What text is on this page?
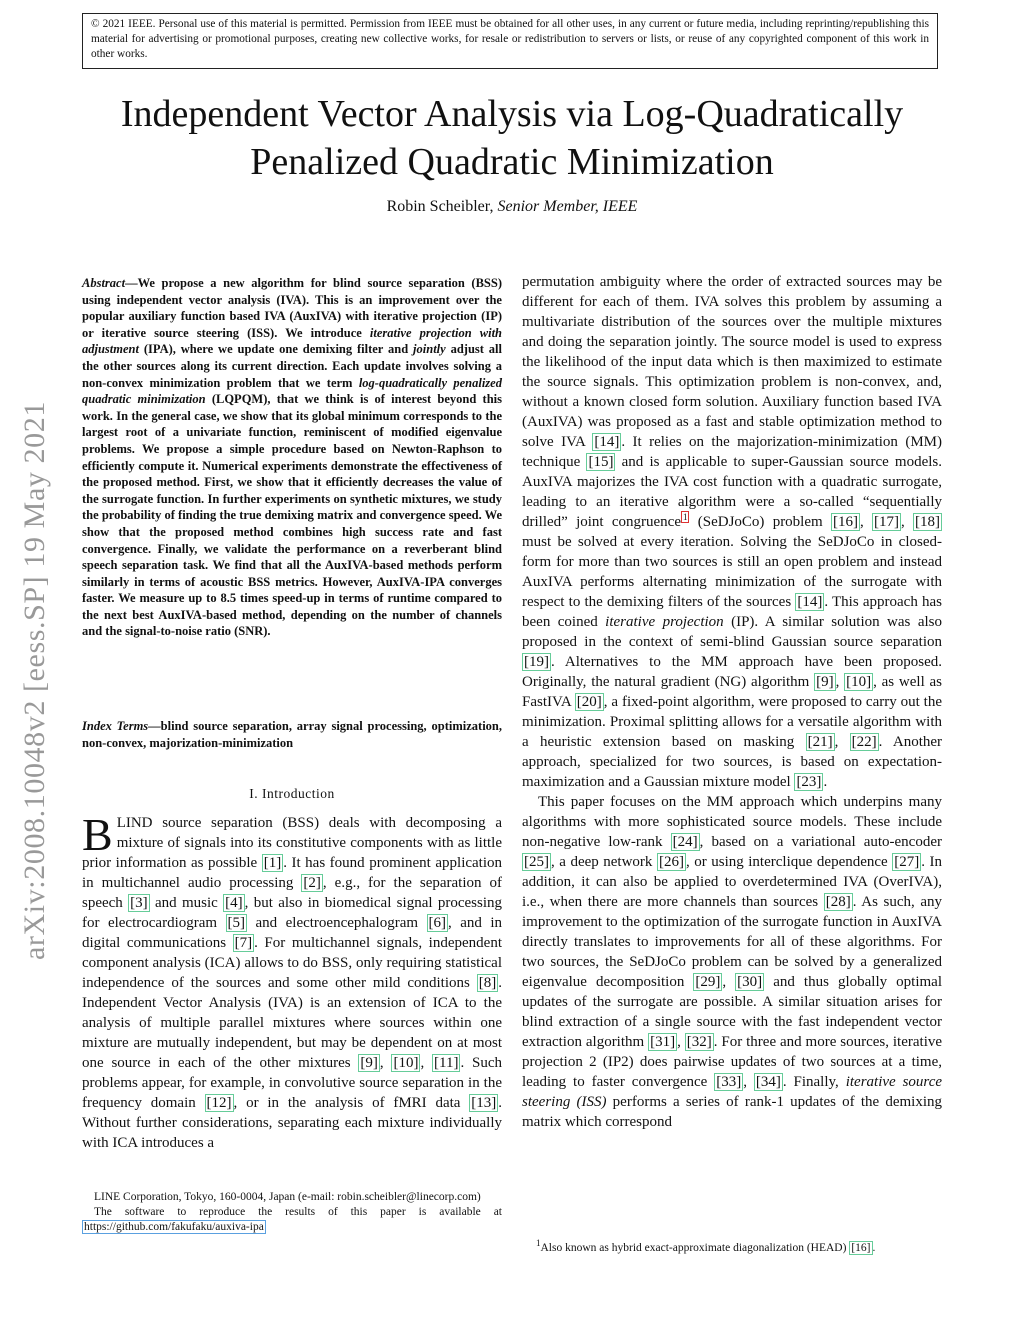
© 2021 IEEE. Personal use of this material is permitted. Permission from IEEE must be obtained for all other uses, in any current or future media, including reprinting/republishing this material for advertising or promotional purposes, creating new collective works, for resale or redistribution to servers or lists, or reuse of any copyrighted component of this work in other works.
arXiv:2008.10048v2 [eess.SP] 19 May 2021
Independent Vector Analysis via Log-Quadratically
Penalized Quadratic Minimization
Robin Scheibler, Senior Member, IEEE
Abstract—We propose a new algorithm for blind source separation (BSS) using independent vector analysis (IVA). This is an improvement over the popular auxiliary function based IVA (AuxIVA) with iterative projection (IP) or iterative source steering (ISS). We introduce iterative projection with adjustment (IPA), where we update one demixing filter and jointly adjust all the other sources along its current direction. Each update involves solving a non-convex minimization problem that we term log-quadratically penalized quadratic minimization (LQPQM), that we think is of interest beyond this work. In the general case, we show that its global minimum corresponds to the largest root of a univariate function, reminiscent of modified eigenvalue problems. We propose a simple procedure based on Newton-Raphson to efficiently compute it. Numerical experiments demonstrate the effectiveness of the proposed method. First, we show that it efficiently decreases the value of the surrogate function. In further experiments on synthetic mixtures, we study the probability of finding the true demixing matrix and convergence speed. We show that the proposed method combines high success rate and fast convergence. Finally, we validate the performance on a reverberant blind speech separation task. We find that all the AuxIVA-based methods perform similarly in terms of acoustic BSS metrics. However, AuxIVA-IPA converges faster. We measure up to 8.5 times speed-up in terms of runtime compared to the next best AuxIVA-based method, depending on the number of channels and the signal-to-noise ratio (SNR).
Index Terms—blind source separation, array signal processing, optimization, non-convex, majorization-minimization
I. Introduction
BLIND source separation (BSS) deals with decomposing a mixture of signals into its constitutive components with as little prior information as possible [1] . It has found prominent application in multichannel audio processing [2] , e.g., for the separation of speech [3] and music [4] , but also in biomedical signal processing for electrocardiogram [5] and electroencephalogram [6] , and in digital communications [7] . For multichannel signals, independent component analysis (ICA) allows to do BSS, only requiring statistical independence of the sources and some other mild conditions [8] . Independent Vector Analysis (IVA) is an extension of ICA to the analysis of multiple parallel mixtures where sources within one mixture are mutually independent, but may be dependent on at most one source in each of the other mixtures [9] , [10] , [11] . Such problems appear, for example, in convolutive source separation in the frequency domain [12] , or in the analysis of fMRI data [13] . Without further considerations, separating each mixture individually with ICA introduces a

LINE Corporation, Tokyo, 160-0004, Japan (e-mail: robin.scheibler@linecorp.com)

The software to reproduce the results of this paper is available at https://github.com/fakufaku/auxiva-ipa

permutation ambiguity where the order of extracted sources may be different for each of them. IVA solves this problem by assuming a multivariate distribution of the sources over the multiple mixtures and doing the separation jointly. The source model is used to express the likelihood of the input data which is then maximized to estimate the source signals. This optimization problem is non-convex, and, without a known closed form solution. Auxiliary function based IVA (AuxIVA) was proposed as a fast and stable optimization method to solve IVA [14] . It relies on the majorization-minimization (MM) technique [15] and is applicable to super-Gaussian source models. AuxIVA majorizes the IVA cost function with a quadratic surrogate, leading to an iterative algorithm were a so-called “sequentially drilled” joint congruence $^1$ (SeDJoCo) problem [16] , [17] , [18] must be solved at every iteration. Solving the SeDJoCo in closed-form for more than two sources is still an open problem and instead AuxIVA performs alternating minimization of the surrogate with respect to the demixing filters of the sources [14] . This approach has been coined iterative projection (IP). A similar solution was also proposed in the context of semi-blind Gaussian source separation [19] . Alternatives to the MM approach have been proposed. Originally, the natural gradient (NG) algorithm [9] , [10] , as well as FastIVA [20] , a fixed-point algorithm, were proposed to carry out the minimization. Proximal splitting allows for a versatile algorithm with a heuristic extension based on masking [21] , [22] . Another approach, specialized for two sources, is based on expectation-maximization and a Gaussian mixture model [23] .

This paper focuses on the MM approach which underpins many algorithms with more sophisticated source models. These include non-negative low-rank [24] , based on a variational auto-encoder [25] , a deep network [26] , or using interclique dependence [27] . In addition, it can also be applied to overdetermined IVA (OverIVA), i.e., when there are more channels than sources [28] . As such, any improvement to the optimization of the surrogate function in AuxIVA directly translates to improvements for all of these algorithms. For two sources, the SeDJoCo problem can be solved by a generalized eigenvalue decomposition [29] , [30] and thus globally optimal updates of the surrogate are possible. A similar situation arises for blind extraction of a single source with the fast independent vector extraction algorithm [31] , [32] . For three and more sources, iterative projection 2 (IP2) does pairwise updates of two sources at a time, leading to faster convergence [33] , [34] . Finally, iterative source steering (ISS) performs a series of rank-1 updates of the demixing matrix which correspond

$^1$Also known as hybrid exact-approximate diagonalization (HEAD) [16] .
